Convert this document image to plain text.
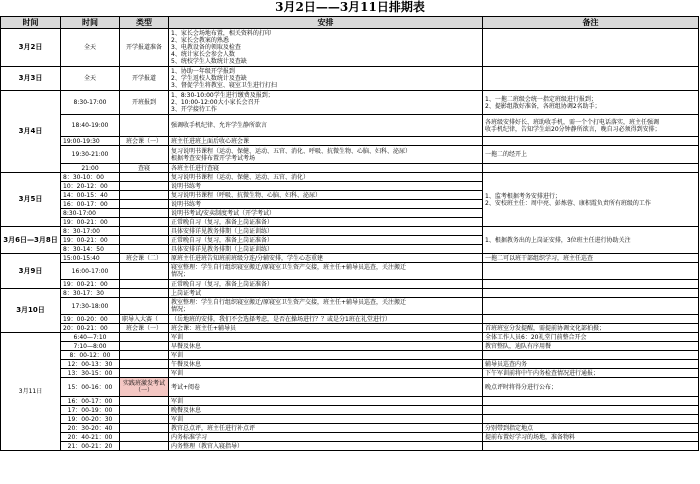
3月2日——3月11日排期表
时间	时间	类型	安排	备注
3月2日	全天	开学报道准备	1、家长会场地布置，相关资料的打印
2、家长会教案的熟悉
3、电教设备的领取及检查
4、统计家长会参会人数
5、统校学生人数统计及查缺	

3月3日	全天	开学报道	1、协助一年级开学报到
2、学生返校人数统计及查缺
3、督促学生将教室、寝室卫生进行打扫	

3月4日	8:30-17:00	开班报到	1、8:30-10:00学生进行缴费及报到；
2、10:00-12:00大小家长会召开
3、开学接待工作	1、一拖二班级会统一指定班级进行报到；
2、提影组散好准备，各班组协调2名助手；

	18:40-19:00		强调收手机纪律、允许学生静所欲言	各班级安排好长、班助收手机，需一个个打电话落实，班主任强调
收手机纪律，告知学生站20分钟静所欲言，晚自习必须得到安排；

	19:00-19:30	班会课（一）	班主任进班上面后收心班会课	
	19:30-21:00		复习说明书课程（运动、保健、运动、五官、消化、呼吸、抗微生物、心脑、妇科、泌尿）
根据考查安排布置开学考试考场	一拖二的经开上
	21:00	查寝	各班主任进行查寝	
3月5日	8：30-10：00		复习说明书课程（运动、保健、运动、五官、消化）	1、监考根据考务安排进行；
2、安校班主任：周中亮、彭炼蓉、康积霞负责所有班级的工作

	10：20-12：00		说明书练考	
	14：00-15：40		复习说明书课程（呼吸、抗微生物、心脑、妇科、泌尿）	
	16：00-17：00		说明书练考	
	8:30-17:00		说明书考试/安卖制度考试（开学考试）	
	19：00-21：00		正常晚自习（复习，准备上岗证准备）	
3月6日—3月8日	8：30-17:00		具体安排详见教务排期（上岗证训练）	1、根据教务出的上岗证安排，3位班主任进行协助关注
	19：00-21：00		正常晚自习（复习，准备上岗证准备）	
	8：30-14：50		具体安排详见教务排期（上岗证训练）	
3月9日	15:00-15:40	班会课（二）	原班主任进班告知班前班级分连/分辅安排，学生心态重建	一拖二可以班干部组织学习，班主任巡查
	16:00-17:00		寝室整理：学生自行组织寝室搬迁/原寝室卫生资产交接，班主任+辅导员巡查，关注搬迁
情况；	

	19：00-21：00		正常晚自习（复习，准备上岗证准备）	
3月10日	8：30-17：30		上岗证考试	
	17:30-18:00		教室整理：学生自行组织寝室搬迁/原寝室卫生资产交接，班主任+辅导员巡查，关注搬迁
情况；	

	19：00-20：00	职导入大赛（	（岳地班的安排，我们不会选择考虑，是否在操场进行？？或是分1班在礼堂进行）	
	20：00-21：00	班会课（一）	班会课：班主任+辅导员	首班班室分发提醒，需提前协调文化部拍摄；
3月11日	6:40—7:10		军训	全体工作人员6：20礼堂门前整合开会
	7:10—8:00		早餐及休息	教官整队，迪队有序用餐
	8：00-12：00		军训	
	12：00-13：30		午餐及休息	辅导员巡查内务
	13：30-15：00		军训	下午军训前将中午内务检查情况进行通报；
	15：00-16：00	实践班激发考试（一）	考试+阅卷	晚点评时将得分进行公布；
	16：00-17：00		军训	
	17：00-19：00		晚餐及休息	
	19：00-20：30		军训	
	20：30-20：40		教官总点评，班主任进行补点评	分别带到指定地点
	20：40-21：00		内务标准学习	提前布置好学习的场地，准备物料
	21：00-21：20		内务整理（教官入寝指导）	
